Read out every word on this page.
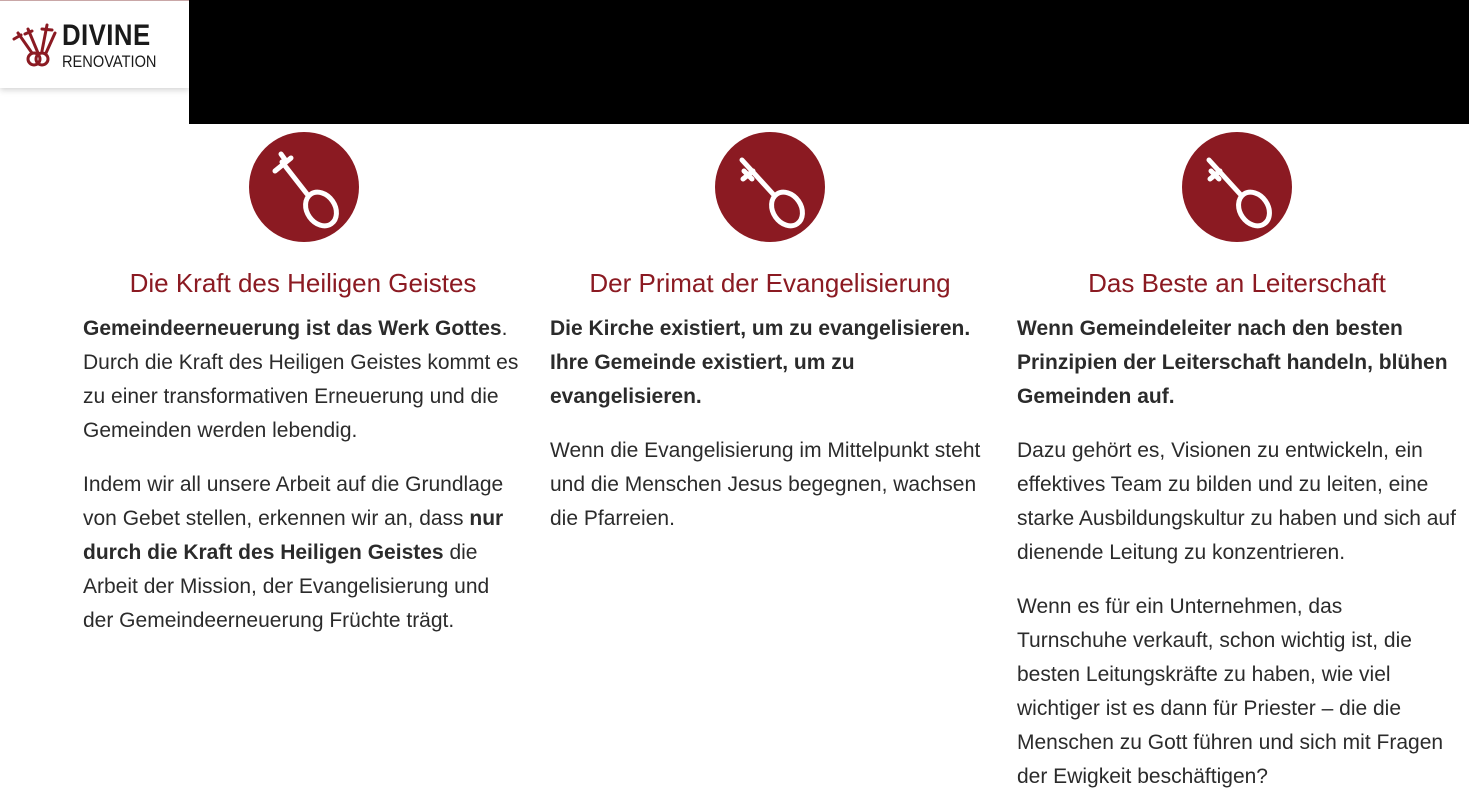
DIVINE
RENOVATION
Die Kraft des Heiligen Geistes

Gemeindeerneuerung ist das Werk Gottes. Durch die Kraft des Heiligen Geistes kommt es zu einer transformativen Erneuerung und die Gemeinden werden lebendig.

Indem wir all unsere Arbeit auf die Grundlage von Gebet stellen, erkennen wir an, dass nur durch die Kraft des Heiligen Geistes die Arbeit der Mission, der Evangelisierung und der Gemeindeerneuerung Früchte trägt.

Der Primat der Evangelisierung

Die Kirche existiert, um zu evangelisieren. Ihre Gemeinde existiert, um zu evangelisieren.

Wenn die Evangelisierung im Mittelpunkt steht und die Menschen Jesus begegnen, wachsen die Pfarreien.

Das Beste an Leiterschaft

Wenn Gemeindeleiter nach den besten Prinzipien der Leiterschaft handeln, blühen Gemeinden auf.

Dazu gehört es, Visionen zu entwickeln, ein effektives Team zu bilden und zu leiten, eine starke Ausbildungskultur zu haben und sich auf dienende Leitung zu konzentrieren.

Wenn es für ein Unternehmen, das Turnschuhe verkauft, schon wichtig ist, die besten Leitungskräfte zu haben, wie viel wichtiger ist es dann für Priester – die die Menschen zu Gott führen und sich mit Fragen der Ewigkeit beschäftigen?
